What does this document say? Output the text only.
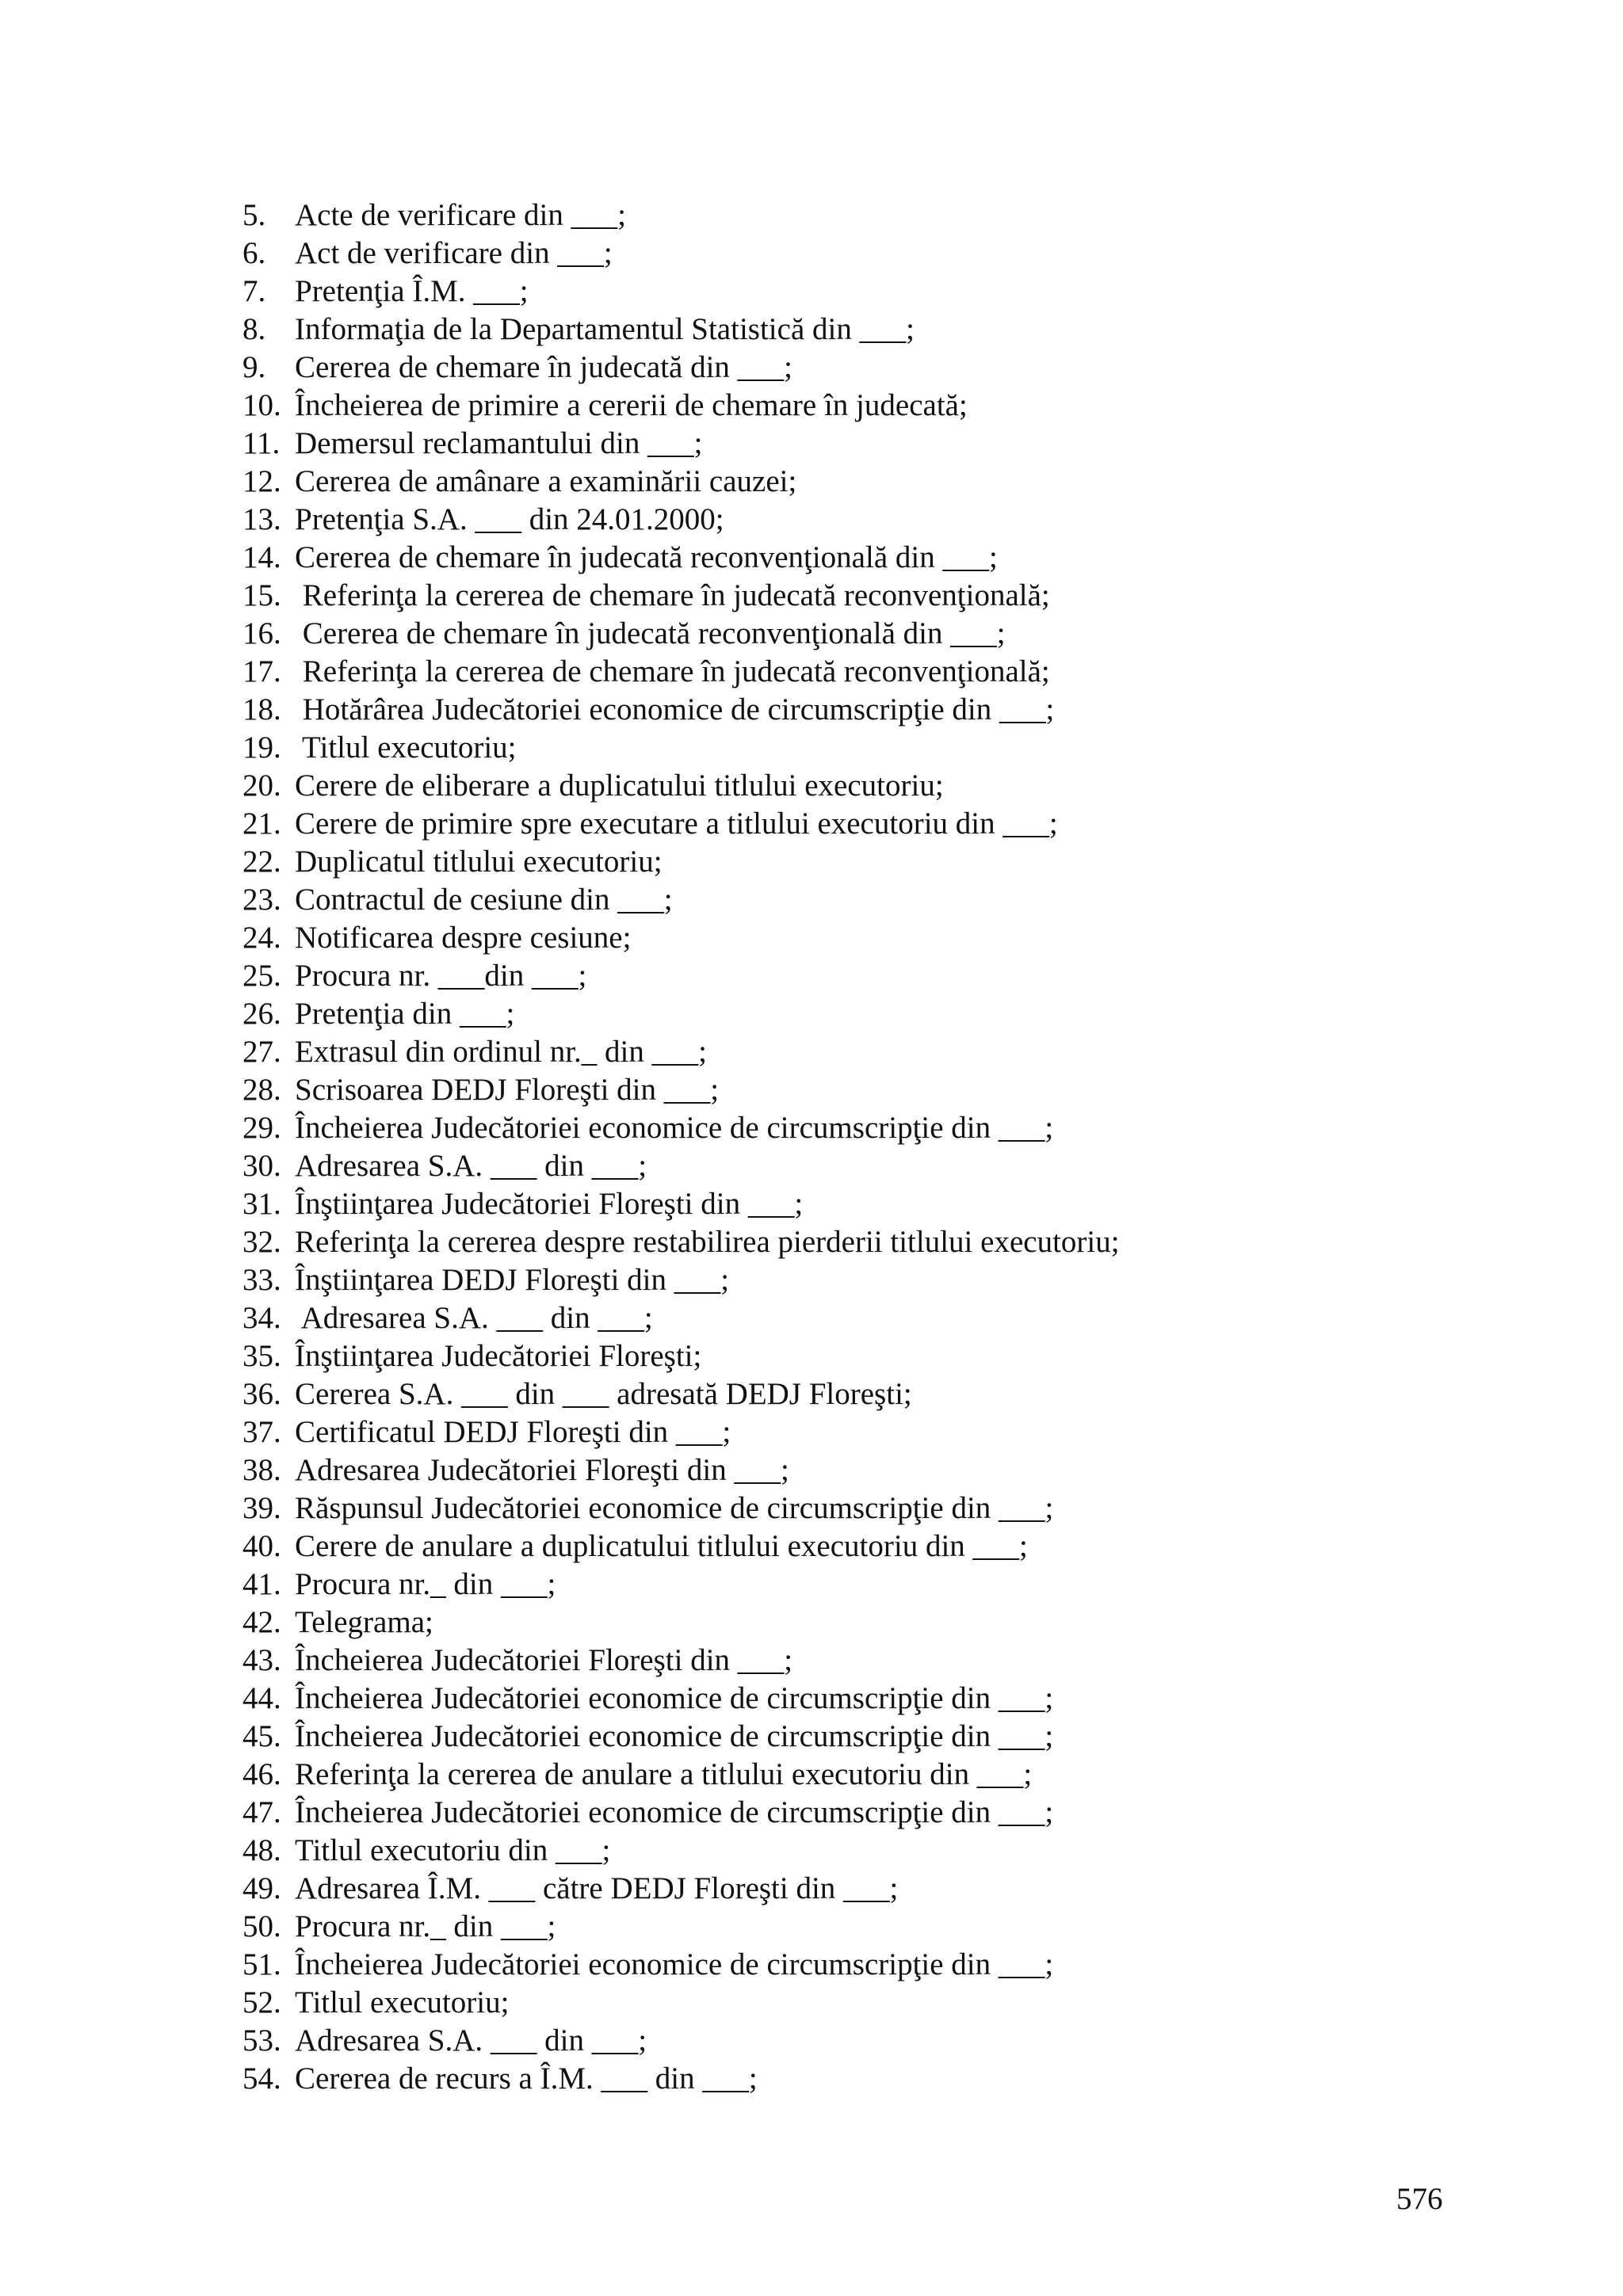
5. Acte de verificare din ___;
6. Act de verificare din ___;
7. Pretenţia Î.M. ___;
8. Informaţia de la Departamentul Statistică din ___;
9. Cererea de chemare în judecată din ___;
10. Încheierea de primire a cererii de chemare în judecată;
11. Demersul reclamantului din ___;
12. Cererea de amânare a examinării cauzei;
13. Pretenţia S.A. ___ din 24.01.2000;
14. Cererea de chemare în judecată reconvenţională din ___;
15. Referinţa la cererea de chemare în judecată reconvenţională;
16. Cererea de chemare în judecată reconvenţională din ___;
17. Referinţa la cererea de chemare în judecată reconvenţională;
18. Hotărârea Judecătoriei economice de circumscripţie din ___;
19. Titlul executoriu;
20. Cerere de eliberare a duplicatului titlului executoriu;
21. Cerere de primire spre executare a titlului executoriu din ___;
22. Duplicatul titlului executoriu;
23. Contractul de cesiune din ___;
24. Notificarea despre cesiune;
25. Procura nr. ___din ___;
26. Pretenţia din ___;
27. Extrasul din ordinul nr._ din ___;
28. Scrisoarea DEDJ Floreşti din ___;
29. Încheierea Judecătoriei economice de circumscripţie din ___;
30. Adresarea S.A. ___ din ___;
31. Înştiinţarea Judecătoriei Floreşti din ___;
32. Referinţa la cererea despre restabilirea pierderii titlului executoriu;
33. Înştiinţarea DEDJ Floreşti din ___;
34. Adresarea S.A. ___ din ___;
35. Înştiinţarea Judecătoriei Floreşti;
36. Cererea S.A. ___ din ___ adresată DEDJ Floreşti;
37. Certificatul DEDJ Floreşti din ___;
38. Adresarea Judecătoriei Floreşti din ___;
39. Răspunsul Judecătoriei economice de circumscripţie din ___;
40. Cerere de anulare a duplicatului titlului executoriu din ___;
41. Procura nr._ din ___;
42. Telegrama;
43. Încheierea Judecătoriei Floreşti din ___;
44. Încheierea Judecătoriei economice de circumscripţie din ___;
45. Încheierea Judecătoriei economice de circumscripţie din ___;
46. Referinţa la cererea de anulare a titlului executoriu din ___;
47. Încheierea Judecătoriei economice de circumscripţie din ___;
48. Titlul executoriu din ___;
49. Adresarea Î.M. ___ către DEDJ Floreşti din ___;
50. Procura nr._ din ___;
51. Încheierea Judecătoriei economice de circumscripţie din ___;
52. Titlul executoriu;
53. Adresarea S.A. ___ din ___;
54. Cererea de recurs a Î.M. ___ din ___;
576
